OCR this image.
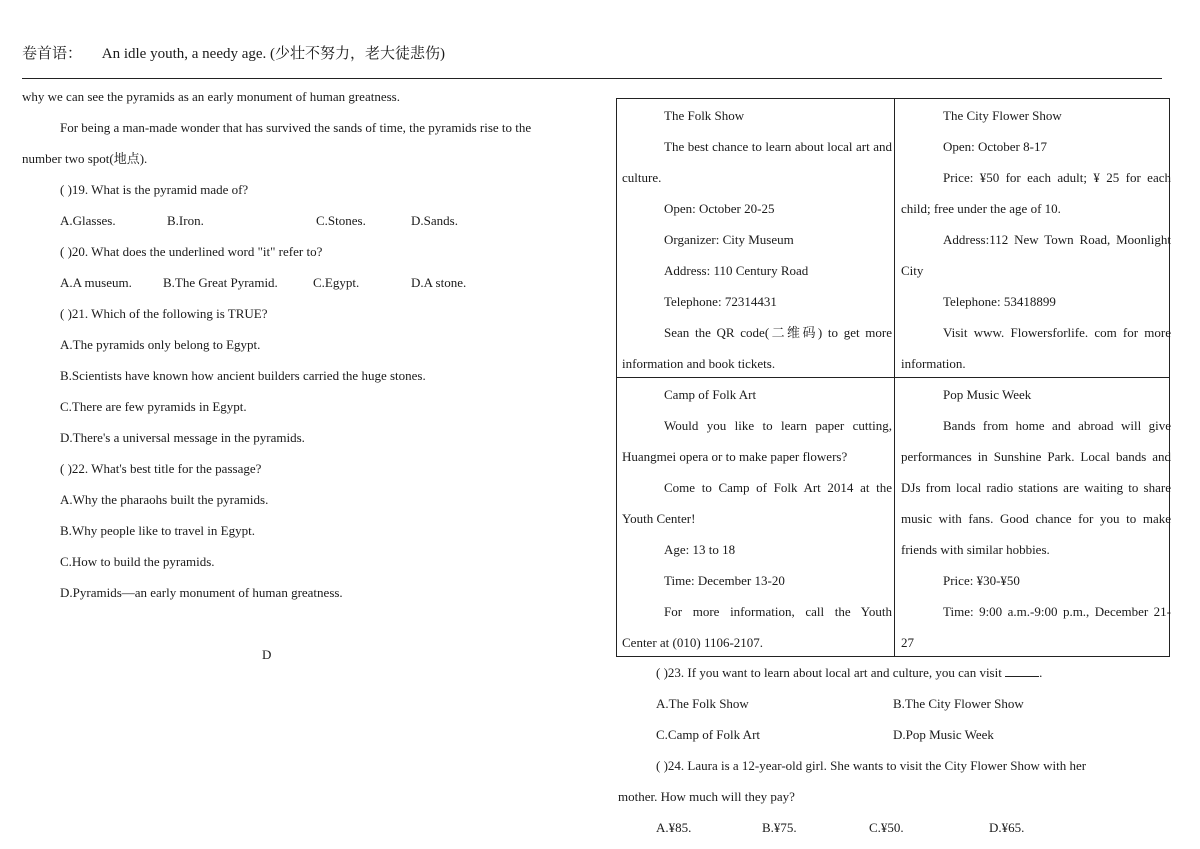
卷首语： An idle youth, a needy age. (少壮不努力，老大徒悲伤)
why we can see the pyramids as an early monument of human greatness.
For being a man-made wonder that has survived the sands of time, the pyramids rise to the
number two spot(地点).
( )19. What is the pyramid made of?
A.Glasses.	B.Iron.	C.Stones.	D.Sands.
( )20. What does the underlined word "it" refer to?
A.A museum. B.The Great Pyramid.	C.Egypt.	D.A stone.
( )21. Which of the following is TRUE?
A.The pyramids only belong to Egypt.
B.Scientists have known how ancient builders carried the huge stones.
C.There are few pyramids in Egypt.
D.There's a universal message in the pyramids.
( )22. What's best title for the passage?
A.Why the pharaohs built the pyramids.
B.Why people like to travel in Egypt.
C.How to build the pyramids.
D.Pyramids—an early monument of human greatness.
D
The Folk Show
The best chance to learn about local art and culture.
Open: October 20-25
Organizer: City Museum
Address: 110 Century Road
Telephone: 72314431
Sean the QR code(二维码) to get more information and book tickets.
The City Flower Show
Open: October 8-17
Price: ¥50 for each adult; ¥ 25 for each child; free under the age of 10.
Address:112 New Town Road, Moonlight City
Telephone: 53418899
Visit www. Flowersforlife. com for more information.
Camp of Folk Art
Would you like to learn paper cutting, Huangmei opera or to make paper flowers?
Come to Camp of Folk Art 2014 at the Youth Center!
Age: 13 to 18
Time: December 13-20
For more information, call the Youth Center at (010) 1106-2107.
Pop Music Week
Bands from home and abroad will give performances in Sunshine Park. Local bands and DJs from local radio stations are waiting to share music with fans. Good chance for you to make friends with similar hobbies.
Price: ¥30-¥50
Time: 9:00 a.m.-9:00 p.m., December 21-27
( )23. If you want to learn about local art and culture, you can visit	.
A.The Folk Show	B.The City Flower Show
C.Camp of Folk Art	D.Pop Music Week
( )24. Laura is a 12-year-old girl. She wants to visit the City Flower Show with her
mother. How much will they pay?
A.¥85.	B.¥75.	C.¥50.	D.¥65.
